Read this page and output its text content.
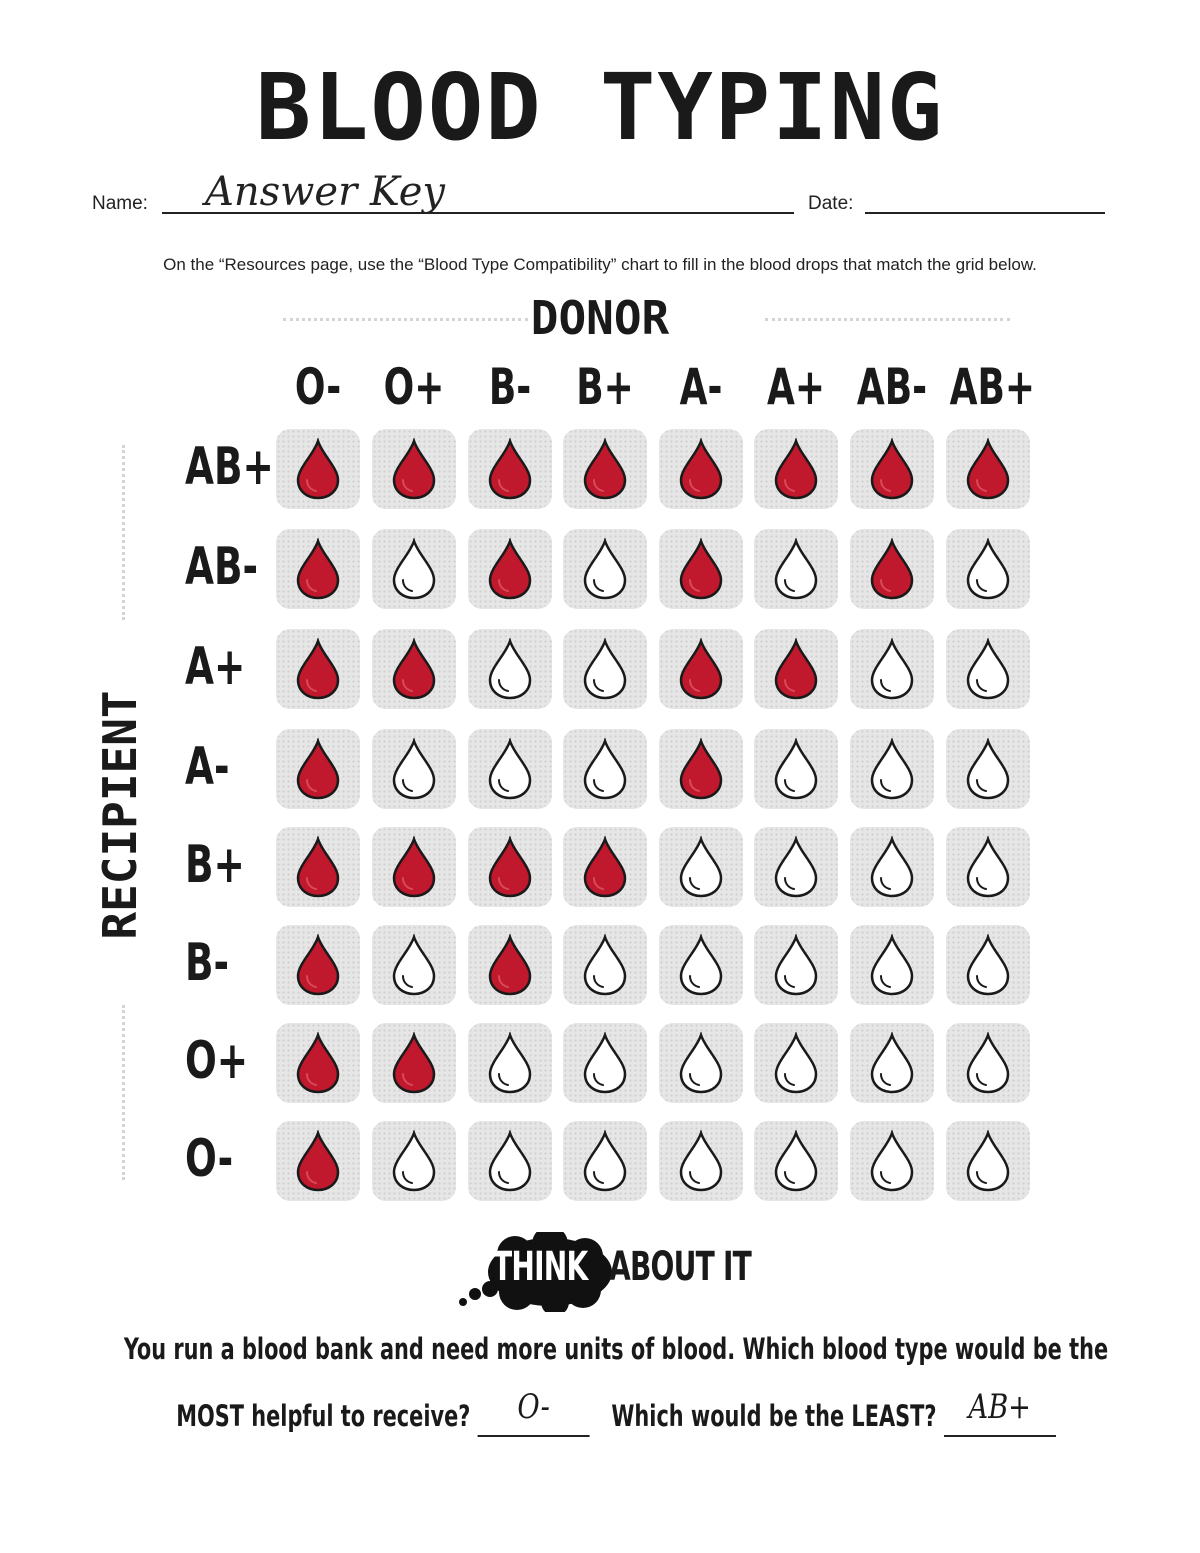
BLOOD TYPING
Name: Answer Key	Date:
On the “Resources page, use the “Blood Type Compatibility” chart to fill in the blood drops that match the grid below.
DONOR
O- O+ B- B+ A- A+ AB- AB+
RECIPIENT
AB+
AB-
A+
A-
B+
B-
O+
O-
THINK ABOUT IT
You run a blood bank and need more units of blood. Which blood type would be the
MOST helpful to receive? O- Which would be the LEAST? AB+
